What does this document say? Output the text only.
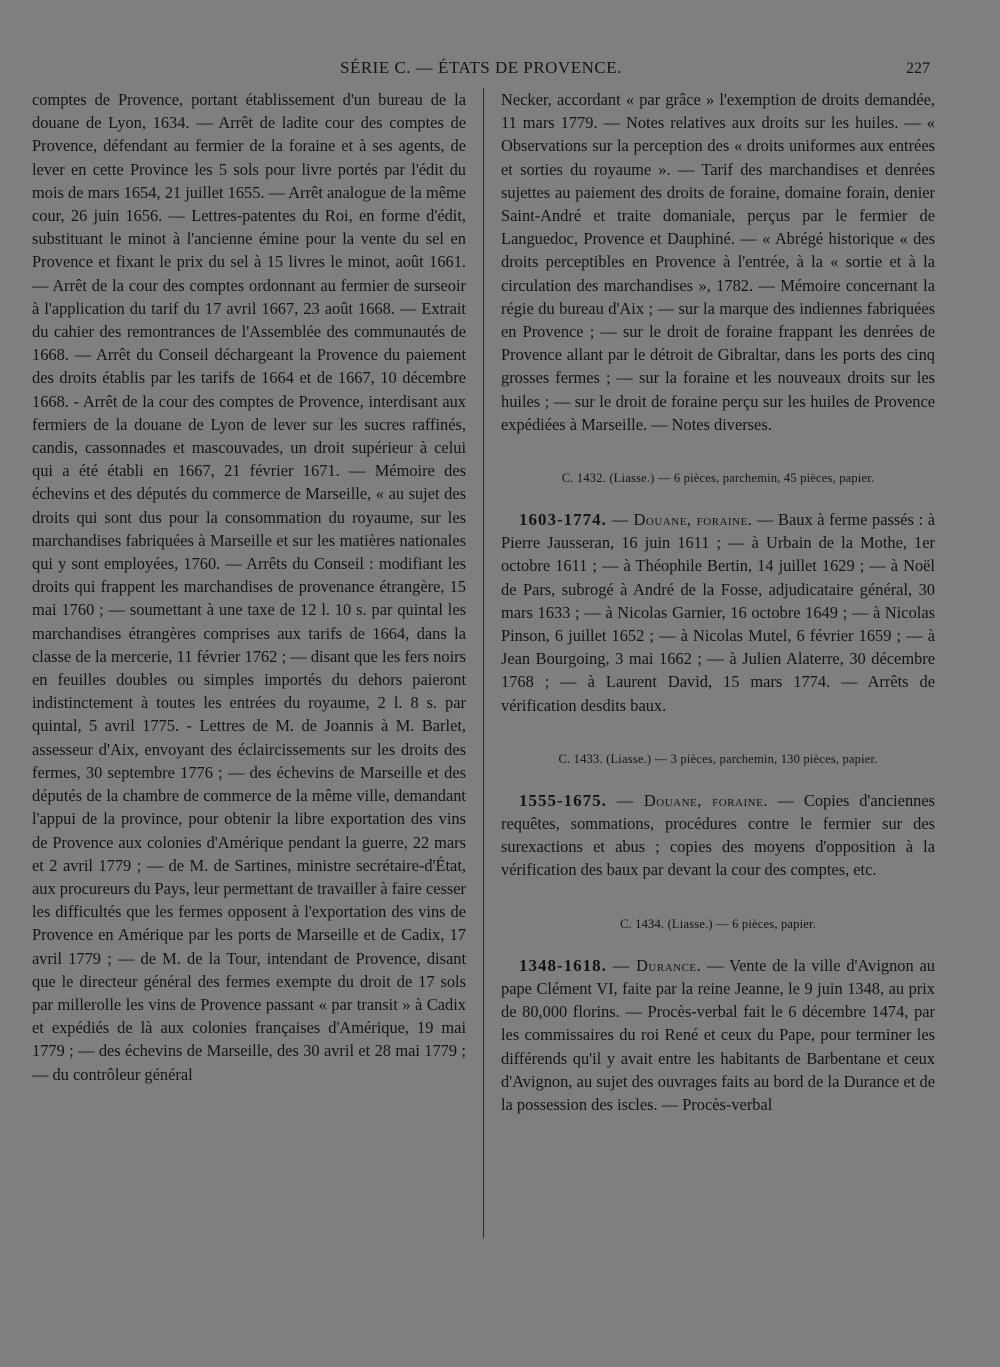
SÉRIE C. — ÉTATS DE PROVENCE.	227

comptes de Provence, portant établissement d'un bureau de la douane de Lyon, 1634. — Arrêt de ladite cour des comptes de Provence, défendant au fermier de la foraine et à ses agents, de lever en cette Province les 5 sols pour livre portés par l'édit du mois de mars 1654, 21 juillet 1655. — Arrêt analogue de la même cour, 26 juin 1656. — Lettres-patentes du Roi, en forme d'édit, substituant le minot à l'ancienne émine pour la vente du sel en Provence et fixant le prix du sel à 15 livres le minot, août 1661. — Arrêt de la cour des comptes ordonnant au fermier de surseoir à l'application du tarif du 17 avril 1667, 23 août 1668. — Extrait du cahier des remontrances de l'Assemblée des communautés de 1668. — Arrêt du Conseil déchargeant la Provence du paiement des droits établis par les tarifs de 1664 et de 1667, 10 décembre 1668. - Arrêt de la cour des comptes de Provence, interdisant aux fermiers de la douane de Lyon de lever sur les sucres raffinés, candis, cassonnades et mascouvades, un droit supérieur à celui qui a été établi en 1667, 21 février 1671. — Mémoire des échevins et des députés du commerce de Marseille, « au sujet des droits qui sont dus pour la consommation du royaume, sur les marchandises fabriquées à Marseille et sur les matières nationales qui y sont employées, 1760. — Arrêts du Conseil : modifiant les droits qui frappent les marchandises de provenance étrangère, 15 mai 1760 ; — soumettant à une taxe de 12 l. 10 s. par quintal les marchandises étrangères comprises aux tarifs de 1664, dans la classe de la mercerie, 11 février 1762 ; — disant que les fers noirs en feuilles doubles ou simples importés du dehors paieront indistinctement à toutes les entrées du royaume, 2 l. 8 s. par quintal, 5 avril 1775. - Lettres de M. de Joannis à M. Barlet, assesseur d'Aix, envoyant des éclaircissements sur les droits des fermes, 30 septembre 1776 ; — des échevins de Marseille et des députés de la chambre de commerce de la même ville, demandant l'appui de la province, pour obtenir la libre exportation des vins de Provence aux colonies d'Amérique pendant la guerre, 22 mars et 2 avril 1779 ; — de M. de Sartines, ministre secrétaire-d'État, aux procureurs du Pays, leur permettant de travailler à faire cesser les difficultés que les fermes opposent à l'exportation des vins de Provence en Amérique par les ports de Marseille et de Cadix, 17 avril 1779 ; — de M. de la Tour, intendant de Provence, disant que le directeur général des fermes exempte du droit de 17 sols par millerolle les vins de Provence passant « par transit » à Cadix et expédiés de là aux colonies françaises d'Amérique, 19 mai 1779 ; — des échevins de Marseille, des 30 avril et 28 mai 1779 ; — du contrôleur général

Necker, accordant « par grâce » l'exemption de droits demandée, 11 mars 1779. — Notes relatives aux droits sur les huiles. — « Observations sur la perception des « droits uniformes aux entrées et sorties du royaume ». — Tarif des marchandises et denrées sujettes au paiement des droits de foraine, domaine forain, denier Saint-André et traite domaniale, perçus par le fermier de Languedoc, Provence et Dauphiné. — « Abrégé historique « des droits perceptibles en Provence à l'entrée, à la « sortie et à la circulation des marchandises », 1782. — Mémoire concernant la régie du bureau d'Aix ; — sur la marque des indiennes fabriquées en Provence ; — sur le droit de foraine frappant les denrées de Provence allant par le détroit de Gibraltar, dans les ports des cinq grosses fermes ; — sur la foraine et les nouveaux droits sur les huiles ; — sur le droit de foraine perçu sur les huiles de Provence expédiées à Marseille. — Notes diverses.

C. 1432. (Liasse.) — 6 pièces, parchemin, 45 pièces, papier.

1603-1774. — Douane, foraine. — Baux à ferme passés : à Pierre Jausseran, 16 juin 1611 ; — à Urbain de la Mothe, 1er octobre 1611 ; — à Théophile Bertin, 14 juillet 1629 ; — à Noël de Pars, subrogé à André de la Fosse, adjudicataire général, 30 mars 1633 ; — à Nicolas Garnier, 16 octobre 1649 ; — à Nicolas Pinson, 6 juillet 1652 ; — à Nicolas Mutel, 6 février 1659 ; — à Jean Bourgoing, 3 mai 1662 ; — à Julien Alaterre, 30 décembre 1768 ; — à Laurent David, 15 mars 1774. — Arrêts de vérification desdits baux.

C. 1433. (Liasse.) — 3 pièces, parchemin, 130 pièces, papier.

1555-1675. — Douane, foraine. — Copies d'anciennes requêtes, sommations, procédures contre le fermier sur des surexactions et abus ; copies des moyens d'opposition à la vérification des baux par devant la cour des comptes, etc.

C. 1434. (Liasse.) — 6 pièces, papier.

1348-1618. — Durance. — Vente de la ville d'Avignon au pape Clément VI, faite par la reine Jeanne, le 9 juin 1348, au prix de 80,000 florins. — Procès-verbal fait le 6 décembre 1474, par les commissaires du roi René et ceux du Pape, pour terminer les différends qu'il y avait entre les habitants de Barbentane et ceux d'Avignon, au sujet des ouvrages faits au bord de la Durance et de la possession des iscles. — Procès-verbal
